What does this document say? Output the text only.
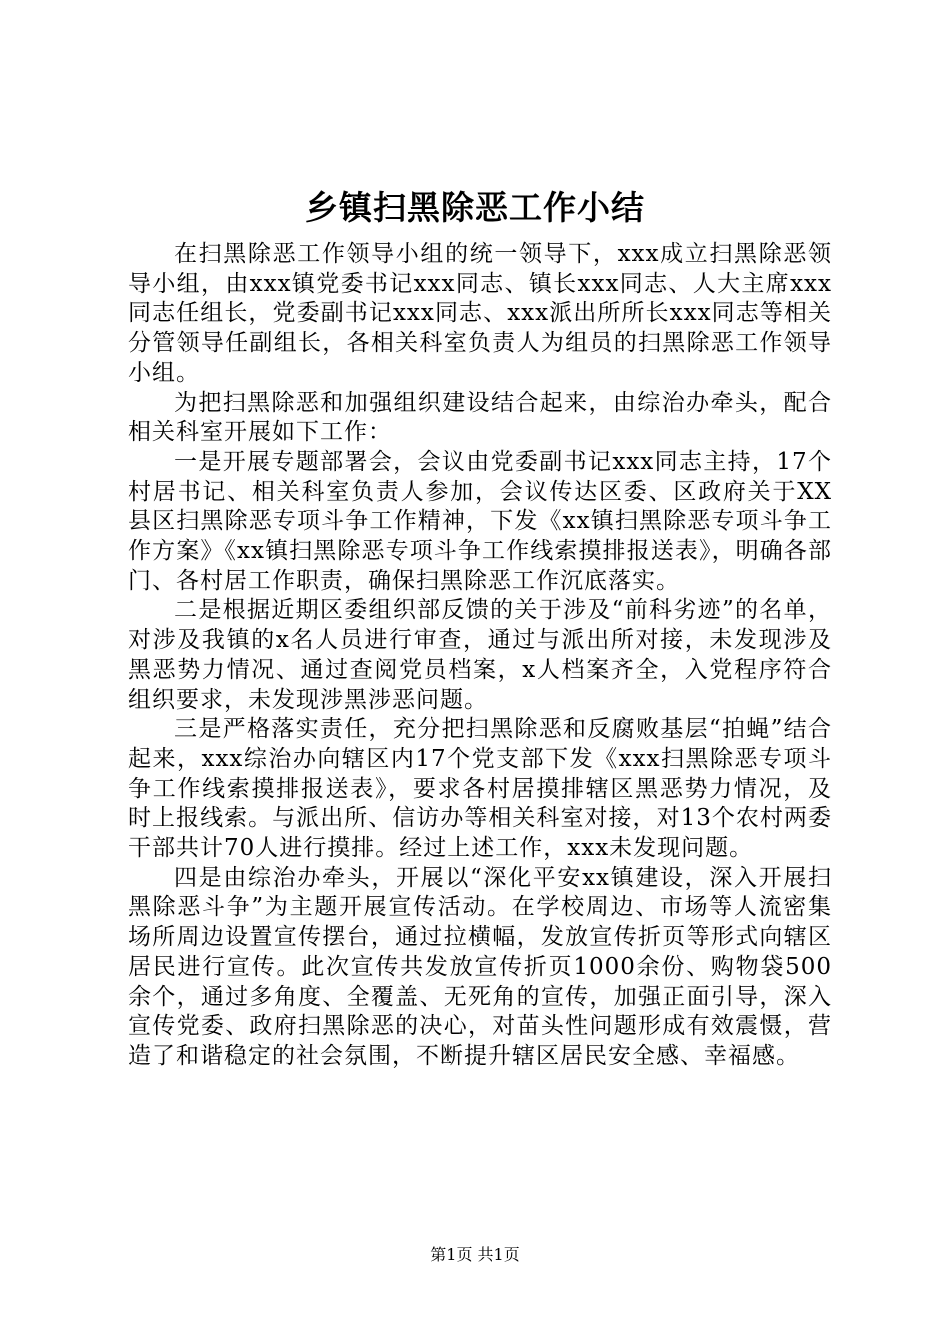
乡镇扫黑除恶工作小结

在扫黑除恶工作领导小组的统一领导下，xxx成立扫黑除恶领导小组，由xxx镇党委书记xxx同志、镇长xxx同志、人大主席xxx同志任组长，党委副书记xxx同志、xxx派出所所长xxx同志等相关分管领导任副组长，各相关科室负责人为组员的扫黑除恶工作领导小组。

为把扫黑除恶和加强组织建设结合起来，由综治办牵头，配合相关科室开展如下工作：

一是开展专题部署会，会议由党委副书记xxx同志主持，17个村居书记、相关科室负责人参加，会议传达区委、区政府关于XX县区扫黑除恶专项斗争工作精神，下发《xx镇扫黑除恶专项斗争工作方案》《xx镇扫黑除恶专项斗争工作线索摸排报送表》，明确各部门、各村居工作职责，确保扫黑除恶工作沉底落实。

二是根据近期区委组织部反馈的关于涉及“前科劣迹”的名单，对涉及我镇的x名人员进行审查，通过与派出所对接，未发现涉及黑恶势力情况、通过查阅党员档案，x人档案齐全，入党程序符合组织要求，未发现涉黑涉恶问题。

三是严格落实责任，充分把扫黑除恶和反腐败基层“拍蝇”结合起来，xxx综治办向辖区内17个党支部下发《xxx扫黑除恶专项斗争工作线索摸排报送表》，要求各村居摸排辖区黑恶势力情况，及时上报线索。与派出所、信访办等相关科室对接，对13个农村两委干部共计70人进行摸排。经过上述工作，xxx未发现问题。

四是由综治办牵头，开展以“深化平安xx镇建设，深入开展扫黑除恶斗争”为主题开展宣传活动。在学校周边、市场等人流密集场所周边设置宣传摆台，通过拉横幅，发放宣传折页等形式向辖区居民进行宣传。此次宣传共发放宣传折页1000余份、购物袋500余个，通过多角度、全覆盖、无死角的宣传，加强正面引导，深入宣传党委、政府扫黑除恶的决心，对苗头性问题形成有效震慑，营造了和谐稳定的社会氛围，不断提升辖区居民安全感、幸福感。

第1页 共1页
